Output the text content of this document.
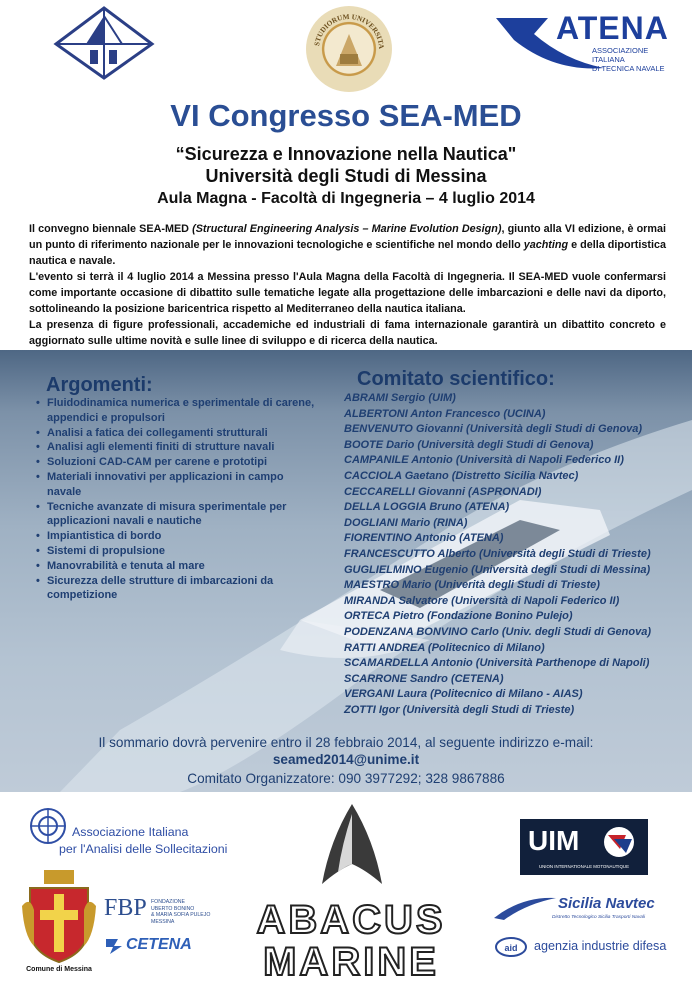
STUDIORUM UNIVERSITA
ATENA
ASSOCIAZIONE
ITALIANA
DI TECNICA NAVALE
VI Congresso SEA-MED
“Sicurezza e Innovazione nella Nautica"
Università degli Studi di Messina
Aula Magna - Facoltà di Ingegneria – 4 luglio 2014

Il convegno biennale SEA-MED (Structural Engineering Analysis – Marine Evolution Design), giunto alla VI edizione, è ormai un punto di riferimento nazionale per le innovazioni tecnologiche e scientifiche nel mondo dello yachting e della diportistica nautica e navale.

L'evento si terrà il 4 luglio 2014 a Messina presso l'Aula Magna della Facoltà di Ingegneria. Il SEA-MED vuole confermarsi come importante occasione di dibattito sulle tematiche legate alla progettazione delle imbarcazioni e delle navi da diporto, sottolineando la posizione baricentrica rispetto al Mediterraneo della nautica italiana.

La presenza di figure professionali, accademiche ed industriali di fama internazionale garantirà un dibattito concreto e aggiornato sulle ultime novità e sulle linee di sviluppo e di ricerca della nautica.

Argomenti:
• Fluidodinamica numerica e sperimentale di carene, appendici e propulsori
• Analisi a fatica dei collegamenti strutturali
• Analisi agli elementi finiti di strutture navali
• Soluzioni CAD-CAM per carene e prototipi
• Materiali innovativi per applicazioni in campo navale
• Tecniche avanzate di misura sperimentale per applicazioni navali e nautiche
• Impiantistica di bordo
• Sistemi di propulsione
• Manovrabilità e tenuta al mare
• Sicurezza delle strutture di imbarcazioni da competizione
Comitato scientifico:
ABRAMI Sergio (UIM)
ALBERTONI Anton Francesco (UCINA)
BENVENUTO Giovanni (Università degli Studi di Genova)
BOOTE Dario (Università degli Studi di Genova)
CAMPANILE Antonio (Università di Napoli Federico II)
CACCIOLA Gaetano (Distretto Sicilia Navtec)
CECCARELLI Giovanni (ASPRONADI)
DELLA LOGGIA Bruno (ATENA)
DOGLIANI Mario (RINA)
FIORENTINO Antonio (ATENA)
FRANCESCUTTO Alberto (Università degli Studi di Trieste)
GUGLIELMINO Eugenio (Università degli Studi di Messina)
MAESTRO Mario (Univerità degli Studi di Trieste)
MIRANDA Salvatore (Università di Napoli Federico II)
ORTECA Pietro (Fondazione Bonino Pulejo)
PODENZANA BONVINO Carlo (Univ. degli Studi di Genova)
RATTI ANDREA (Politecnico di Milano)
SCAMARDELLA Antonio (Università Parthenope di Napoli)
SCARRONE Sandro (CETENA)
VERGANI Laura (Politecnico di Milano - AIAS)
ZOTTI Igor (Università degli Studi di Trieste)
Il sommario dovrà pervenire entro il 28 febbraio 2014, al seguente indirizzo e-mail:
seamed2014@unime.it
Comitato Organizzatore: 090 3977292; 328 9867886
Associazione Italiana
per l'Analisi delle Sollecitazioni
Comune di Messina
FBP FONDAZIONE
UBERTO BONINO
& MARIA SOFIA PULEJO
MESSINA
CETENA
ABACUS
MARINE
UIM
UNION INTERNATIONALE MOTONAUTIQUE
Sicilia Navtec
Distretto Tecnologico Sicilia Trasporti Navali
aid agenzia industrie difesa
